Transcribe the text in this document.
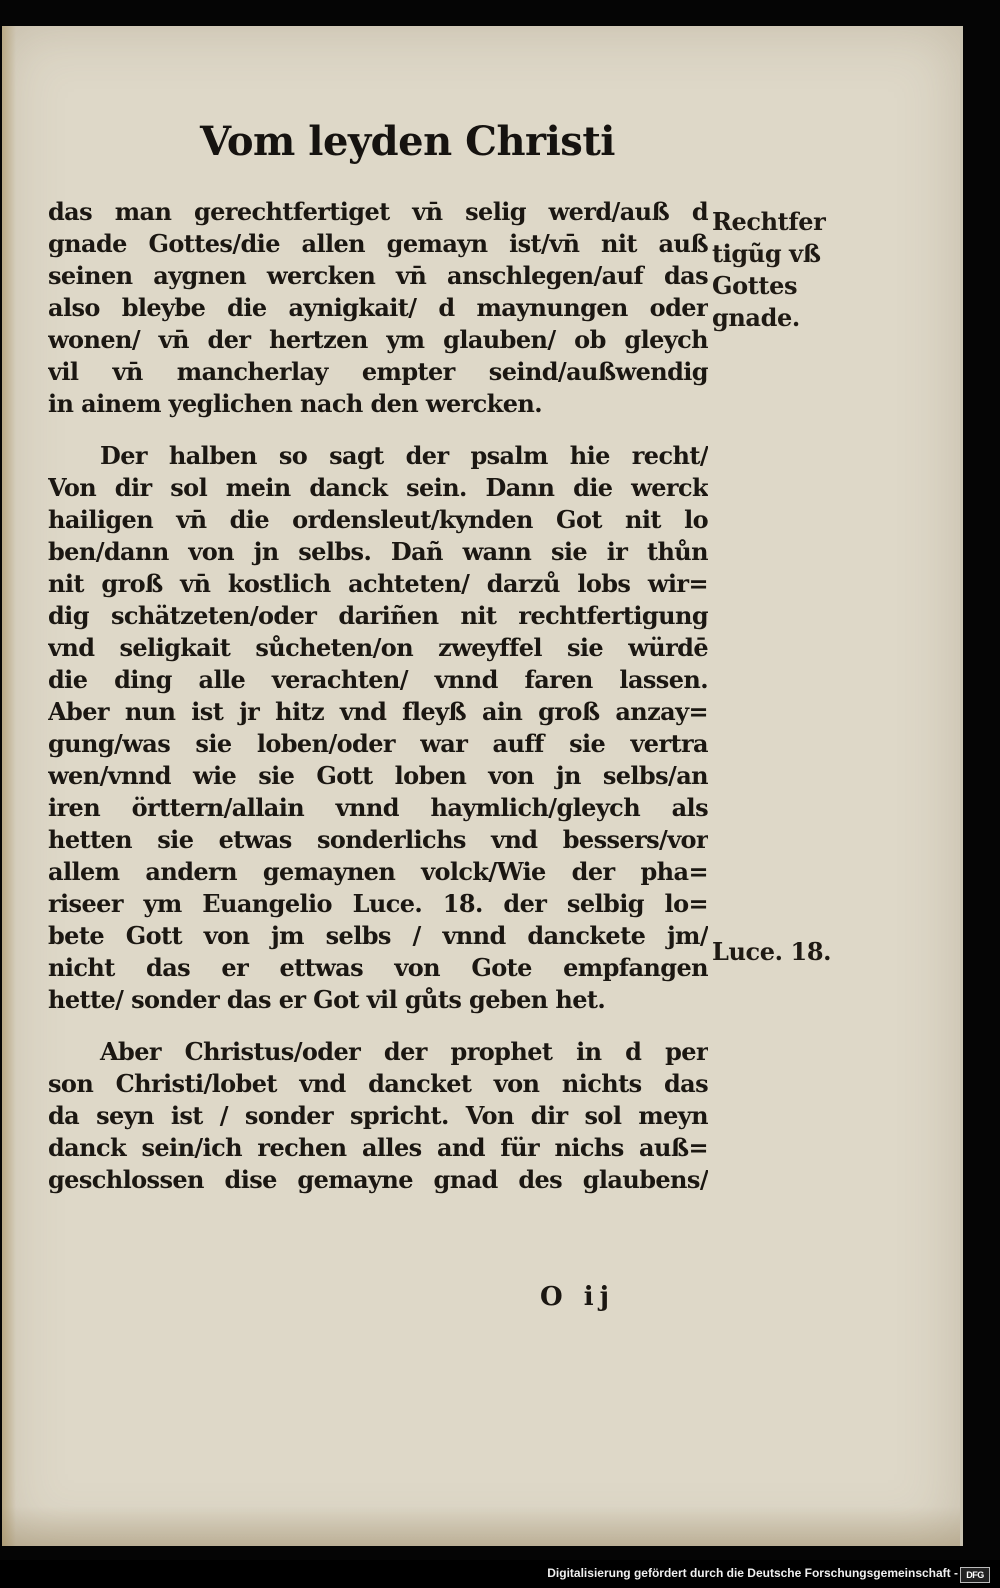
Vom leyden Christi
das man gerechtfertiget vn̄ selig werd/auß d
gnade Gottes/die allen gemayn ist/vn̄ nit auß
seinen aygnen wercken vn̄ anschlegen/auf das
also bleybe die aynigkait/ d maynungen oder
wonen/ vn̄ der hertzen ym glauben/ ob gleych
vil vn̄ mancherlay empter seind/außwendig
in ainem yeglichen nach den wercken.
Der halben so sagt der psalm hie recht/
Von dir sol mein danck sein. Dann die werck
hailigen vn̄ die ordensleut/kynden Got nit lo
ben/dann von jn selbs. Dañ wann sie ir thůn
nit groß vn̄ kostlich achteten/ darzů lobs wir=
dig schätzeten/oder dariñen nit rechtfertigung
vnd seligkait sůcheten/on zweyffel sie würdē
die ding alle verachten/ vnnd faren lassen.
Aber nun ist jr hitz vnd fleyß ain groß anzay=
gung/was sie loben/oder war auff sie vertra
wen/vnnd wie sie Gott loben von jn selbs/an
iren örttern/allain vnnd haymlich/gleych als
hetten sie etwas sonderlichs vnd bessers/vor
allem andern gemaynen volck/Wie der pha=
riseer ym Euangelio Luce. 18. der selbig lo=
bete Gott von jm selbs / vnnd danckete jm/
nicht das er ettwas von Gote empfangen
hette/ sonder das er Got vil gůts geben het.
Aber Christus/oder der prophet in d per
son Christi/lobet vnd dancket von nichts das
da seyn ist / sonder spricht. Von dir sol meyn
danck sein/ich rechen alles and für nichs auß=
geschlossen dise gemayne gnad des glaubens/
Rechtfer tigũg vß Gottes gnade.
Luce. 18.
O ij
Digitalisierung gefördert durch die Deutsche Forschungsgemeinschaft - DFG
